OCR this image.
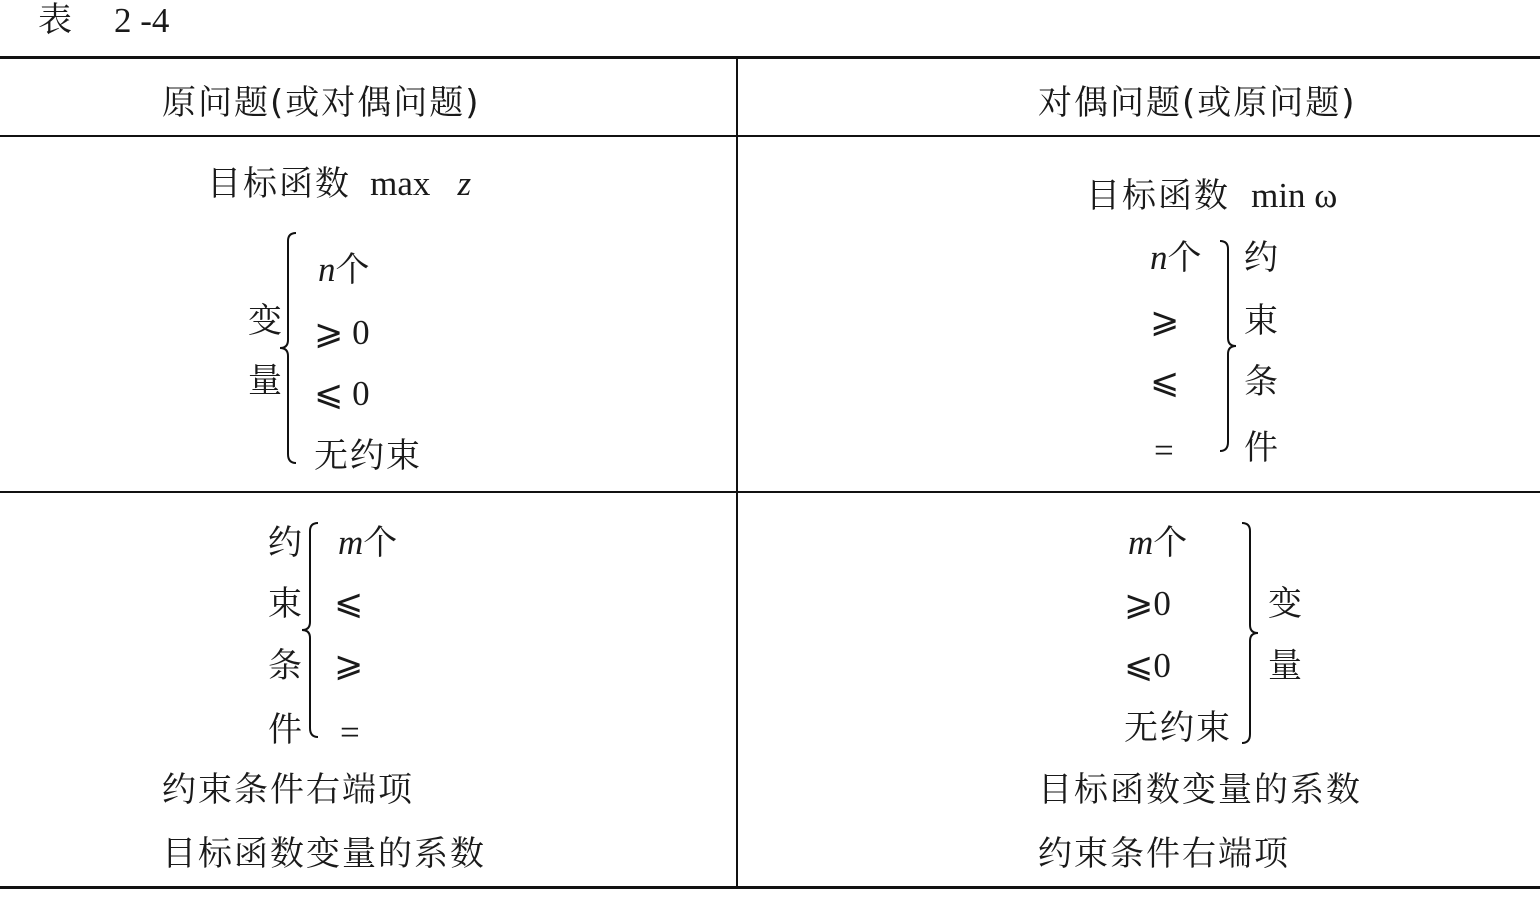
表 2 -4
原问题(或对偶问题)	对偶问题(或原问题)
目标函数 max z
变
量
n个
⩾ 0
⩽ 0
无约束
目标函数 min ω
n个
⩾
⩽
=
约
束
条
件
约
束
条
件
m个
⩽
⩾
=
约束条件右端项
目标函数变量的系数
m个
⩾0
⩽0
无约束
变
量
目标函数变量的系数
约束条件右端项
